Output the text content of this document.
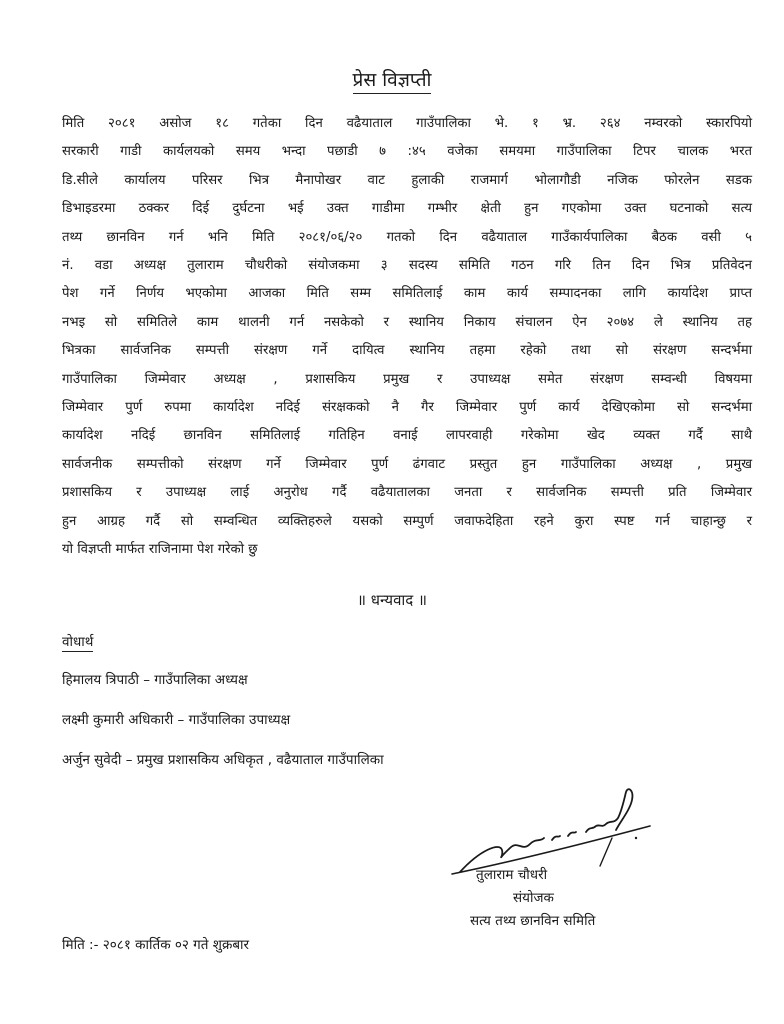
प्रेस विज्ञप्ती
मिति २०८१ असोज १८ गतेका दिन वढैयाताल गाउँपालिका भे. १ भ्र. २६४ नम्वरको स्कारपियो
सरकारी गाडी कार्यलयको समय भन्दा पछाडी ७ :४५ वजेका समयमा गाउँपालिका टिपर चालक भरत
डि.सीले कार्यालय परिसर भित्र मैनापोखर वाट हुलाकी राजमार्ग भोलागौडी नजिक फोरलेन सडक
डिभाइडरमा ठक्कर दिई दुर्घटना भई उक्त गाडीमा गम्भीर क्षेती हुन गएकोमा उक्त घटनाको सत्य
तथ्य छानविन गर्न भनि मिति २०८१/०६/२० गतको दिन वढैयाताल गाउँकार्यपालिका बैठक वसी ५
नं. वडा अध्यक्ष तुलाराम चौधरीको संयोजकमा ३ सदस्य समिति गठन गरि तिन दिन भित्र प्रतिवेदन
पेश गर्ने निर्णय भएकोमा आजका मिति सम्म समितिलाई काम कार्य सम्पादनका लागि कार्यादेश प्राप्त
नभइ सो समितिले काम थालनी गर्न नसकेको र स्थानिय निकाय संचालन ऐन २०७४ ले स्थानिय तह
भित्रका सार्वजनिक सम्पत्ती संरक्षण गर्ने दायित्व स्थानिय तहमा रहेको तथा सो संरक्षण सन्दर्भमा
गाउँपालिका जिम्मेवार अध्यक्ष , प्रशासकिय प्रमुख र उपाध्यक्ष समेत संरक्षण सम्वन्धी विषयमा
जिम्मेवार पुर्ण रुपमा कार्यादेश नदिई संरक्षकको नै गैर जिम्मेवार पुर्ण कार्य देखिएकोमा सो सन्दर्भमा
कार्यादेश नदिई छानविन समितिलाई गतिहिन वनाई लापरवाही गरेकोमा खेद व्यक्त गर्दै साथै
सार्वजनीक सम्पत्तीको संरक्षण गर्ने जिम्मेवार पुर्ण ढंगवाट प्रस्तुत हुन गाउँपालिका अध्यक्ष , प्रमुख
प्रशासकिय र उपाध्यक्ष लाई अनुरोध गर्दै वढैयातालका जनता र सार्वजनिक सम्पत्ती प्रति जिम्मेवार
हुन आग्रह गर्दै सो सम्वन्धित व्यक्तिहरुले यसको सम्पुर्ण जवाफदेहिता रहने कुरा स्पष्ट गर्न चाहान्छु र
यो विज्ञप्ती मार्फत राजिनामा पेश गरेको छु
॥ धन्यवाद ॥
वोधार्थ
हिमालय त्रिपाठी – गाउँपालिका अध्यक्ष
लक्ष्मी कुमारी अधिकारी – गाउँपालिका उपाध्यक्ष
अर्जुन सुवेदी – प्रमुख प्रशासकिय अधिकृत , वढैयाताल गाउँपालिका
तुलाराम चौधरी
संयोजक
सत्य तथ्य छानविन समिति
मिति :- २०८१ कार्तिक ०२ गते शुक्रबार
